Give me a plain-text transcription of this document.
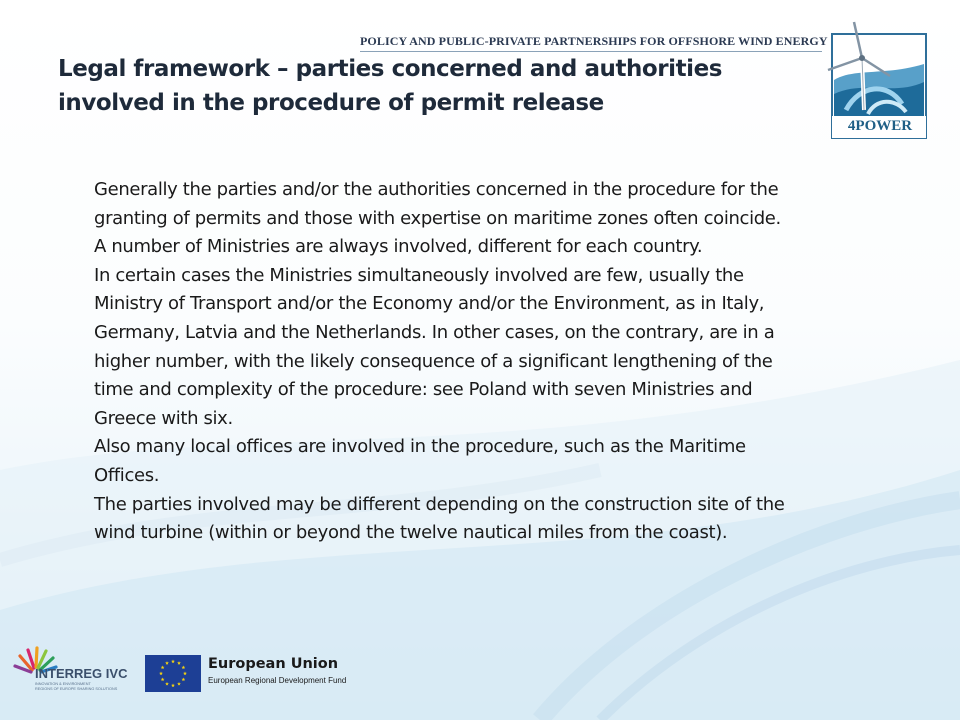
POLICY AND PUBLIC-PRIVATE PARTNERSHIPS FOR OFFSHORE WIND ENERGY
Legal framework – parties concerned and authorities
involved in the procedure of permit release
4POWER
Generally the parties and/or the authorities concerned in the procedure for the
granting of permits and those with expertise on maritime zones often coincide.
A number of Ministries are always involved, different for each country.
In certain cases the Ministries simultaneously involved are few, usually the
Ministry of Transport and/or the Economy and/or the Environment, as in Italy,
Germany, Latvia and the Netherlands. In other cases, on the contrary, are in a
higher number, with the likely consequence of a significant lengthening of the
time and complexity of the procedure: see Poland with seven Ministries and
Greece with six.
Also many local offices are involved in the procedure, such as the Maritime
Offices.
The parties involved may be different depending on the construction site of the
wind turbine (within or beyond the twelve nautical miles from the coast).
INTERREG IVC
INNOVATION & ENVIRONMENT
REGIONS OF EUROPE SHARING SOLUTIONS
European Union
European Regional Development Fund
